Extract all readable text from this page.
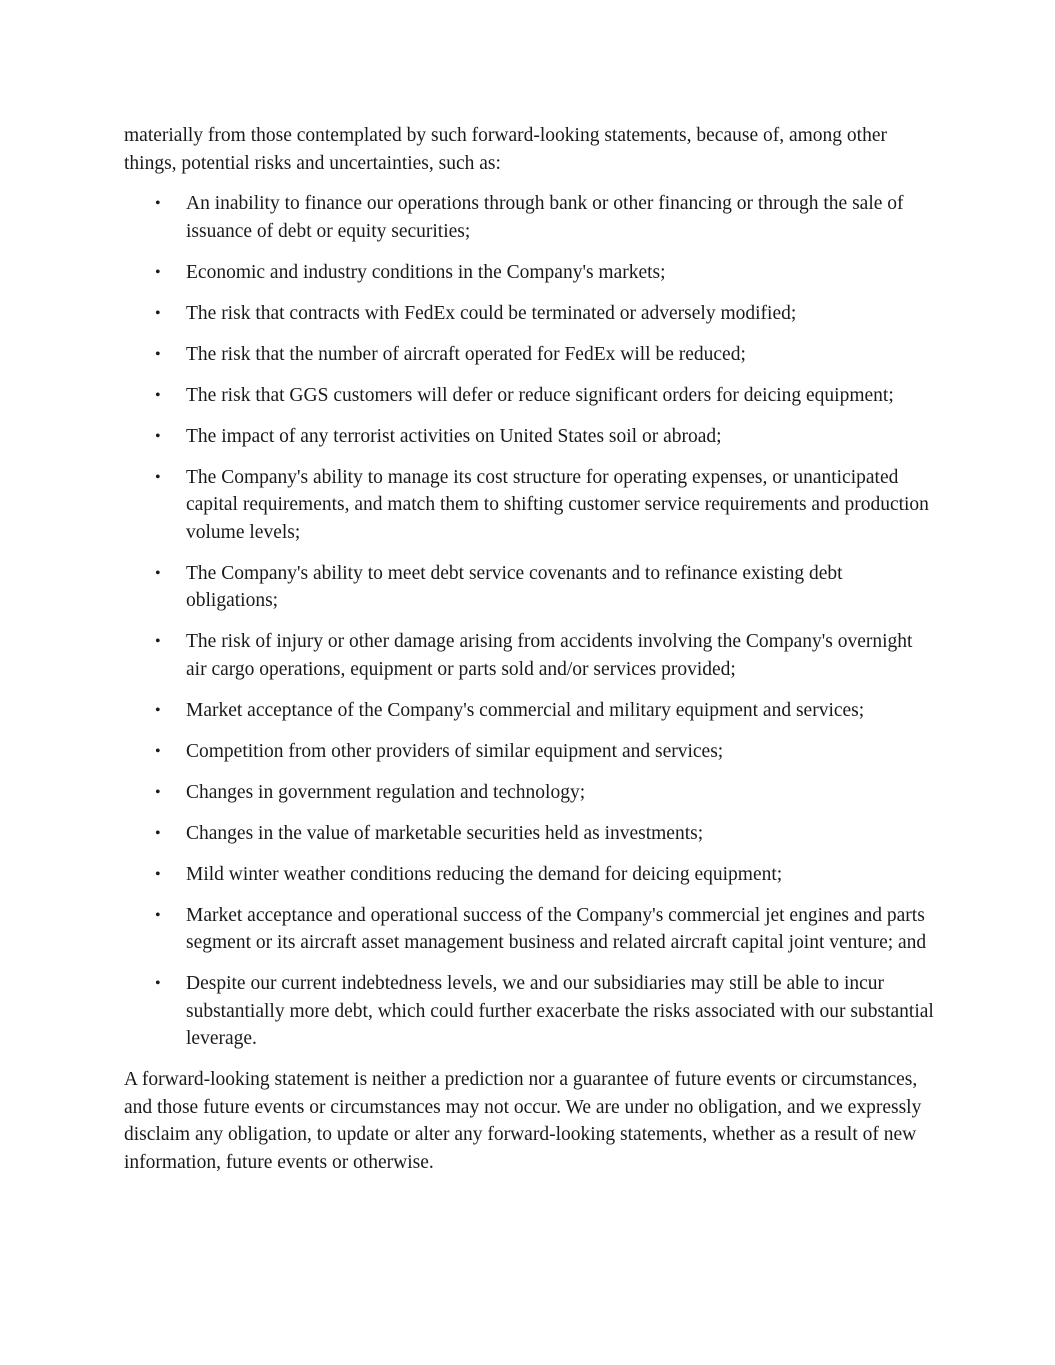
materially from those contemplated by such forward-looking statements, because of, among other things, potential risks and uncertainties, such as:

• An inability to finance our operations through bank or other financing or through the sale of issuance of debt or equity securities;
• Economic and industry conditions in the Company's markets;
• The risk that contracts with FedEx could be terminated or adversely modified;
• The risk that the number of aircraft operated for FedEx will be reduced;
• The risk that GGS customers will defer or reduce significant orders for deicing equipment;
• The impact of any terrorist activities on United States soil or abroad;
• The Company's ability to manage its cost structure for operating expenses, or unanticipated capital requirements, and match them to shifting customer service requirements and production volume levels;
• The Company's ability to meet debt service covenants and to refinance existing debt obligations;
• The risk of injury or other damage arising from accidents involving the Company's overnight air cargo operations, equipment or parts sold and/or services provided;
• Market acceptance of the Company's commercial and military equipment and services;
• Competition from other providers of similar equipment and services;
• Changes in government regulation and technology;
• Changes in the value of marketable securities held as investments;
• Mild winter weather conditions reducing the demand for deicing equipment;
• Market acceptance and operational success of the Company's commercial jet engines and parts segment or its aircraft asset management business and related aircraft capital joint venture; and
• Despite our current indebtedness levels, we and our subsidiaries may still be able to incur substantially more debt, which could further exacerbate the risks associated with our substantial leverage.

A forward-looking statement is neither a prediction nor a guarantee of future events or circumstances, and those future events or circumstances may not occur. We are under no obligation, and we expressly disclaim any obligation, to update or alter any forward-looking statements, whether as a result of new information, future events or otherwise.
